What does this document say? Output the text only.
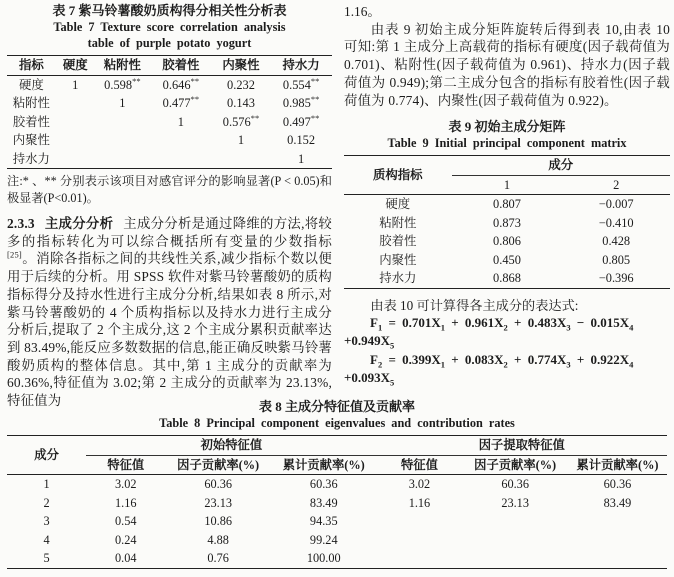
表 7 紫马铃薯酸奶质构得分相关性分析表

Table 7 Texture score correlation analysis

table of purple potato yogurt

指标	硬度	粘附性	胶着性	内聚性	持水力
硬度	1	0.598**	0.646**	0.232	0.554**
粘附性		1	0.477**	0.143	0.985**
胶着性			1	0.576**	0.497**
内聚性				1	0.152
持水力					1
注:* 、** 分别表示该项目对感官评分的影响显著(P < 0.05)和极显著(P<0.01)。

2.3.3 主成分分析 主成分分析是通过降维的方法,将较多的指标转化为可以综合概括所有变量的少数指标[25]。消除各指标之间的共线性关系,减少指标个数以便用于后续的分析。用 SPSS 软件对紫马铃薯酸奶的质构指标得分及持水性进行主成分分析,结果如表 8 所示,对紫马铃薯酸奶的 4 个质构指标以及持水力进行主成分分析后,提取了 2 个主成分,这 2 个主成分累积贡献率达到 83.49%,能反应多数数据的信息,能正确反映紫马铃薯酸奶质构的整体信息。其中,第 1 主成分的贡献率为 60.36%,特征值为 3.02;第 2 主成分的贡献率为 23.13%,特征值为

1.16。

由表 9 初始主成分矩阵旋转后得到表 10,由表 10 可知:第 1 主成分上高载荷的指标有硬度(因子载荷值为 0.701)、粘附性(因子载荷值为 0.961)、持水力(因子载荷值为 0.949);第二主成分包含的指标有胶着性(因子载荷值为 0.774)、内聚性(因子载荷值为 0.922)。

表 9 初始主成分矩阵

Table 9 Initial principal component matrix

质构指标	成分	
	1	2
硬度	0.807	−0.007
粘附性	0.873	−0.410
胶着性	0.806	0.428
内聚性	0.450	0.805
持水力	0.868	−0.396

由表 10 可计算得各主成分的表达式:

$F_1 = 0.701X_1 + 0.961X_2 + 0.483X_3 - 0.015X_4$

$+0.949X_5$

$F_2 = 0.399X_1 + 0.083X_2 + 0.774X_3 + 0.922X_4$

$+0.093X_5$

表 8 主成分特征值及贡献率

Table 8 Principal component eigenvalues and contribution rates

成分	初始特征值			因子提取特征值		
	特征值	因子贡献率(%)	累计贡献率(%)	特征值	因子贡献率(%)	累计贡献率(%)
1	3.02	60.36	60.36	3.02	60.36	60.36
2	1.16	23.13	83.49	1.16	23.13	83.49
3	0.54	10.86	94.35			
4	0.24	4.88	99.24			
5	0.04	0.76	100.00			
